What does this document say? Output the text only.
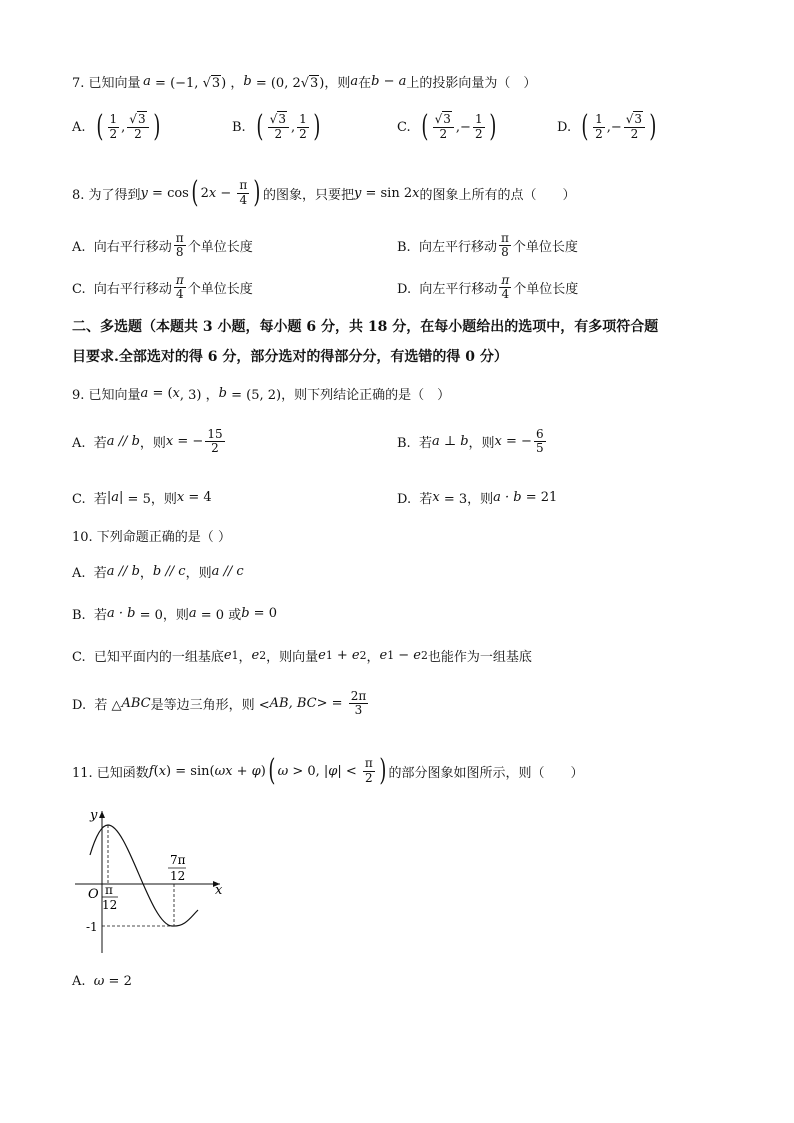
7. 已知向量  a = (−1, √3) ， b = (0, 2√3)，则 a 在 b − a 上的投影向量为（　）
A.
( $\frac{1}{2}$ , $\frac{√3}{2}$ )	B.
( $\frac{√3}{2}$ , $\frac{1}{2}$ )	C.
( $\frac{√3}{2}$ ,− $\frac{1}{2}$ )	D.
( $\frac{1}{2}$ ,− $\frac{√3}{2}$ )
8. 为了得到 y = cos ( 2 $x - \frac{\pi}{4}$ ) 的图象，只要把 y = sin 2 x 的图象上所有的点（　　）
A.  向右平行移动 $\frac{\pi}{8}$ 个单位长度	B.  向左平行移动 $\frac{\pi}{8}$ 个单位长度
C.  向右平行移动 $\frac{\pi}{4}$ 个单位长度	D.  向左平行移动 $\frac{\pi}{4}$ 个单位长度
二、多选题（本题共 3 小题，每小题 6 分，共 18 分，在每小题给出的选项中，有多项符合题
目要求.全部选对的得 6 分，部分选对的得部分分，有选错的得 0 分）
9. 已知向量 a = ( x , 3) ， b = (5, 2)，则下列结论正确的是（　）
A.  若 a // b ，则 x = − $\frac{15}{2}$	B.  若 a ⊥ b ，则 x = − $\frac{6}{5}$
C.  若 |a| = 5，则 x = 4	D.  若 x = 3，则 a · b = 21
10. 下列命题正确的是（ ）
A.  若 a // b ， b // c ，则 a // c
B.  若 a · b = 0，则 a = 0 或 b = 0
C.  已知平面内的一组基底 e 1 ， e 2 ，则向量 e 1 + e 2 ， e 1 − e 2 也能作为一组基底
D.  若 △ ABC 是等边三角形，则 < AB, BC > = $\frac{2\pi}{3}$
11. 已知函数 f ( x ) = sin( ωx + φ ) ( ω > 0, | φ | < $\frac{\pi}{2}$ ) 的部分图象如图所示，则（　　）
y
x
O
-1
π
12
7π
12
A. ω = 2
